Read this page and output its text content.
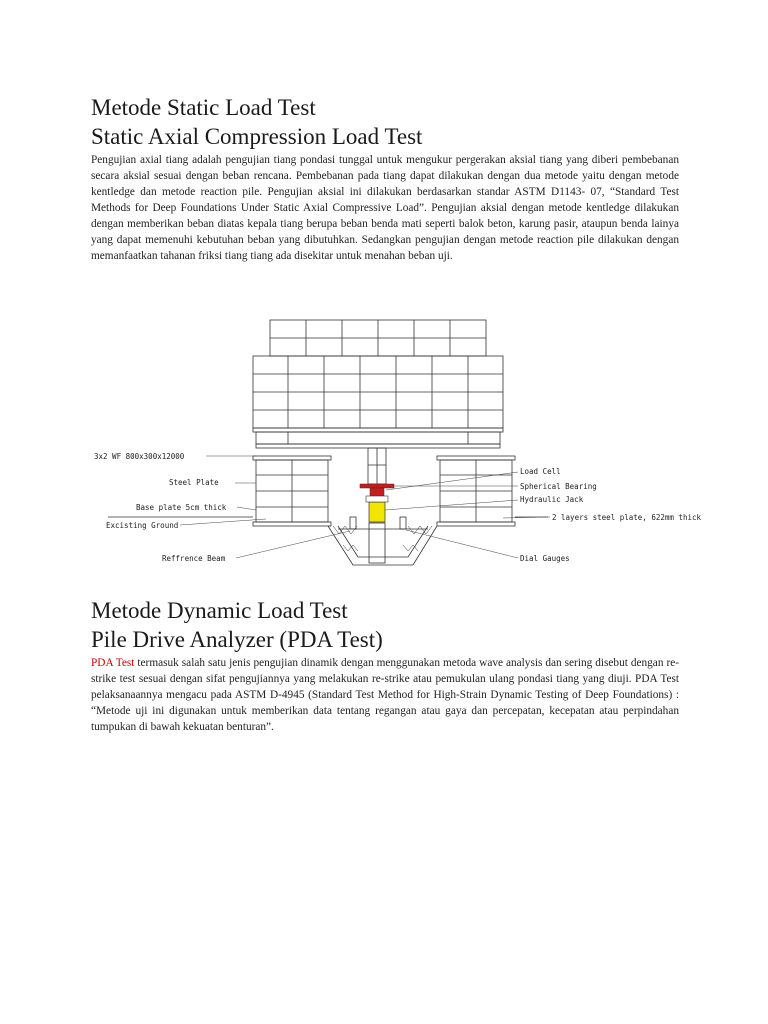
Metode Static Load Test
Static Axial Compression Load Test

Pengujian axial tiang adalah pengujian tiang pondasi tunggal untuk mengukur pergerakan aksial tiang yang diberi pembebanan secara aksial sesuai dengan beban rencana. Pembebanan pada tiang dapat dilakukan dengan dua metode yaitu dengan metode kentledge dan metode reaction pile. Pengujian aksial ini dilakukan berdasarkan standar ASTM D1143- 07, “Standard Test Methods for Deep Foundations Under Static Axial Compressive Load”. Pengujian aksial dengan metode kentledge dilakukan dengan memberikan beban diatas kepala tiang berupa beban benda mati seperti balok beton, karung pasir, ataupun benda lainya yang dapat memenuhi kebutuhan beban yang dibutuhkan. Sedangkan pengujian dengan metode reaction pile dilakukan dengan memanfaatkan tahanan friksi tiang tiang ada disekitar untuk menahan beban uji.

3x2 WF 800x300x12000
Steel Plate
Base plate 5cm thick
Excisting Ground
Reffrence Beam
Load Cell
Spherical Bearing
Hydraulic Jack
2 layers steel plate, 622mm thick
Dial Gauges
Metode Dynamic Load Test
Pile Drive Analyzer (PDA Test)

PDA Test termasuk salah satu jenis pengujian dinamik dengan menggunakan metoda wave analysis dan sering disebut dengan re-strike test sesuai dengan sifat pengujiannya yang melakukan re-strike atau pemukulan ulang pondasi tiang yang diuji. PDA Test pelaksanaannya mengacu pada ASTM D-4945 (Standard Test Method for High-Strain Dynamic Testing of Deep Foundations) : “Metode uji ini digunakan untuk memberikan data tentang regangan atau gaya dan percepatan, kecepatan atau perpindahan tumpukan di bawah kekuatan benturan”.
